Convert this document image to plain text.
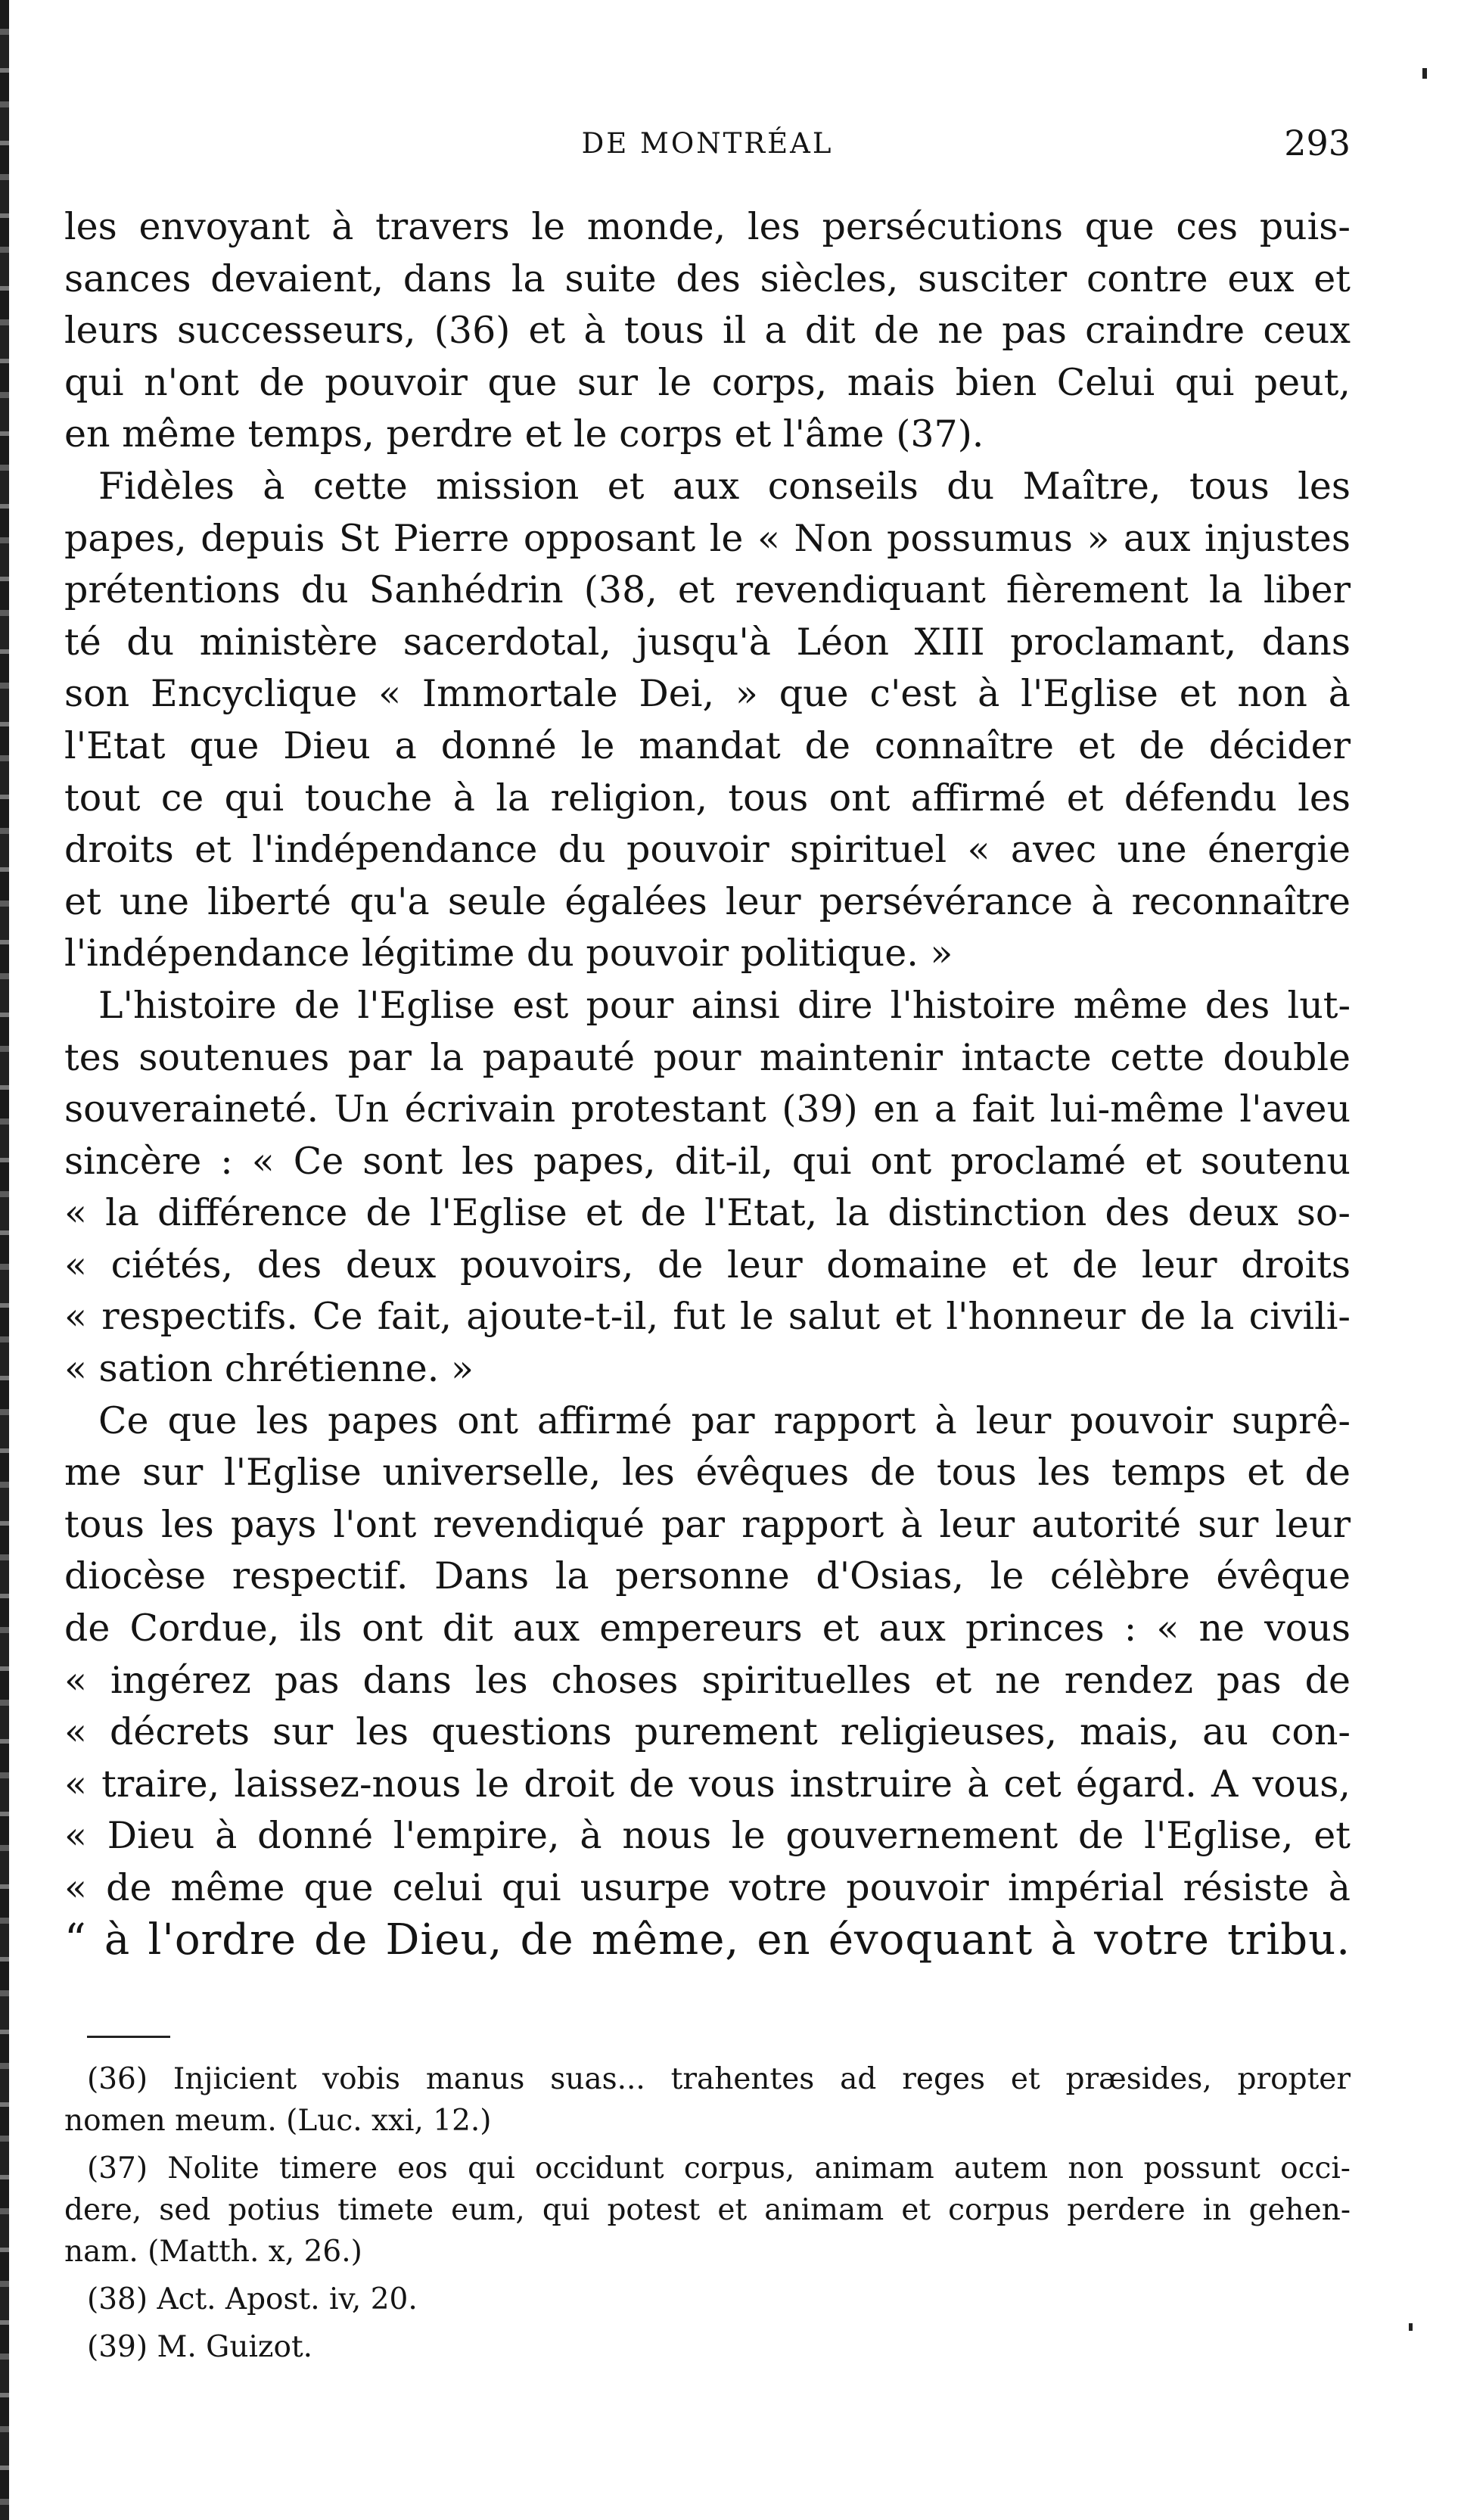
DE MONTRÉAL	293
les envoyant à travers le monde, les persécutions que ces puis-
sances devaient, dans la suite des siècles, susciter contre eux et
leurs successeurs, (36) et à tous il a dit de ne pas craindre ceux
qui n'ont de pouvoir que sur le corps, mais bien Celui qui peut,
en même temps, perdre et le corps et l'âme (37).
Fidèles à cette mission et aux conseils du Maître, tous les
papes, depuis St Pierre opposant le « Non possumus » aux injustes
prétentions du Sanhédrin (38, et revendiquant fièrement la liber
té du ministère sacerdotal, jusqu'à Léon XIII proclamant, dans
son Encyclique « Immortale Dei, » que c'est à l'Eglise et non à
l'Etat que Dieu a donné le mandat de connaître et de décider
tout ce qui touche à la religion, tous ont affirmé et défendu les
droits et l'indépendance du pouvoir spirituel « avec une énergie
et une liberté qu'a seule égalées leur persévérance à reconnaître
l'indépendance légitime du pouvoir politique. »
L'histoire de l'Eglise est pour ainsi dire l'histoire même des lut-
tes soutenues par la papauté pour maintenir intacte cette double
souveraineté. Un écrivain protestant (39) en a fait lui-même l'aveu
sincère : « Ce sont les papes, dit-il, qui ont proclamé et soutenu
« la différence de l'Eglise et de l'Etat, la distinction des deux so-
« ciétés, des deux pouvoirs, de leur domaine et de leur droits
« respectifs. Ce fait, ajoute-t-il, fut le salut et l'honneur de la civili-
« sation chrétienne. »
Ce que les papes ont affirmé par rapport à leur pouvoir suprê-
me sur l'Eglise universelle, les évêques de tous les temps et de
tous les pays l'ont revendiqué par rapport à leur autorité sur leur
diocèse respectif. Dans la personne d'Osias, le célèbre évêque
de Cordue, ils ont dit aux empereurs et aux princes : « ne vous
« ingérez pas dans les choses spirituelles et ne rendez pas de
« décrets sur les questions purement religieuses, mais, au con-
« traire, laissez-nous le droit de vous instruire à cet égard. A vous,
« Dieu à donné l'empire, à nous le gouvernement de l'Eglise, et
« de même que celui qui usurpe votre pouvoir impérial résiste à
“ à l'ordre de Dieu, de même, en évoquant à votre tribu.
(36) Injicient vobis manus suas... trahentes ad reges et præsides, propter
nomen meum. (Luc. xxi, 12.)
(37) Nolite timere eos qui occidunt corpus, animam autem non possunt occi-
dere, sed potius timete eum, qui potest et animam et corpus perdere in gehen-
nam. (Matth. x, 26.)
(38) Act. Apost. iv, 20.
(39) M. Guizot.
